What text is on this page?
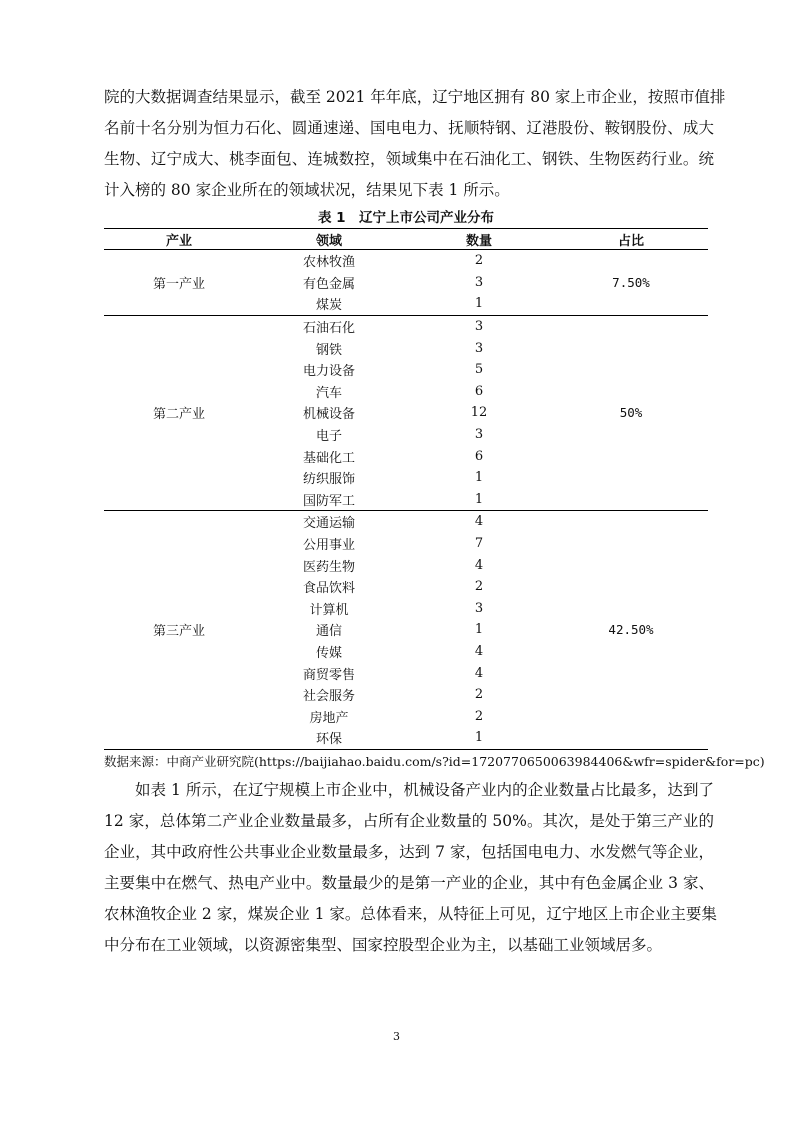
院的大数据调查结果显示，截至 2021 年年底，辽宁地区拥有 80 家上市企业，按照市值排
名前十名分别为恒力石化、圆通速递、国电电力、抚顺特钢、辽港股份、鞍钢股份、成大
生物、辽宁成大、桃李面包、连城数控，领域集中在石油化工、钢铁、生物医药行业。统
计入榜的 80 家企业所在的领域状况，结果见下表 1 所示。
表 1　辽宁上市公司产业分布
产业	领域	数量	占比
第一产业	农林牧渔	2	7.50%
	有色金属	3	
	煤炭	1	
第二产业	石油石化	3	50%
	钢铁	3	
	电力设备	5	
	汽车	6	
	机械设备	12	
	电子	3	
	基础化工	6	
	纺织服饰	1	
	国防军工	1	
第三产业	交通运输	4	42.50%
	公用事业	7	
	医药生物	4	
	食品饮料	2	
	计算机	3	
	通信	1	
	传媒	4	
	商贸零售	4	
	社会服务	2	
	房地产	2	
	环保	1	
数据来源：中商产业研究院(https://baijiahao.baidu.com/s?id=1720770650063984406&wfr=spider&for=pc)
如表 1 所示，在辽宁规模上市企业中，机械设备产业内的企业数量占比最多，达到了
12 家，总体第二产业企业数量最多，占所有企业数量的 50%。其次，是处于第三产业的
企业，其中政府性公共事业企业数量最多，达到 7 家，包括国电电力、水发燃气等企业，
主要集中在燃气、热电产业中。数量最少的是第一产业的企业，其中有色金属企业 3 家、
农林渔牧企业 2 家，煤炭企业 1 家。总体看来，从特征上可见，辽宁地区上市企业主要集
中分布在工业领域，以资源密集型、国家控股型企业为主，以基础工业领域居多。
3
